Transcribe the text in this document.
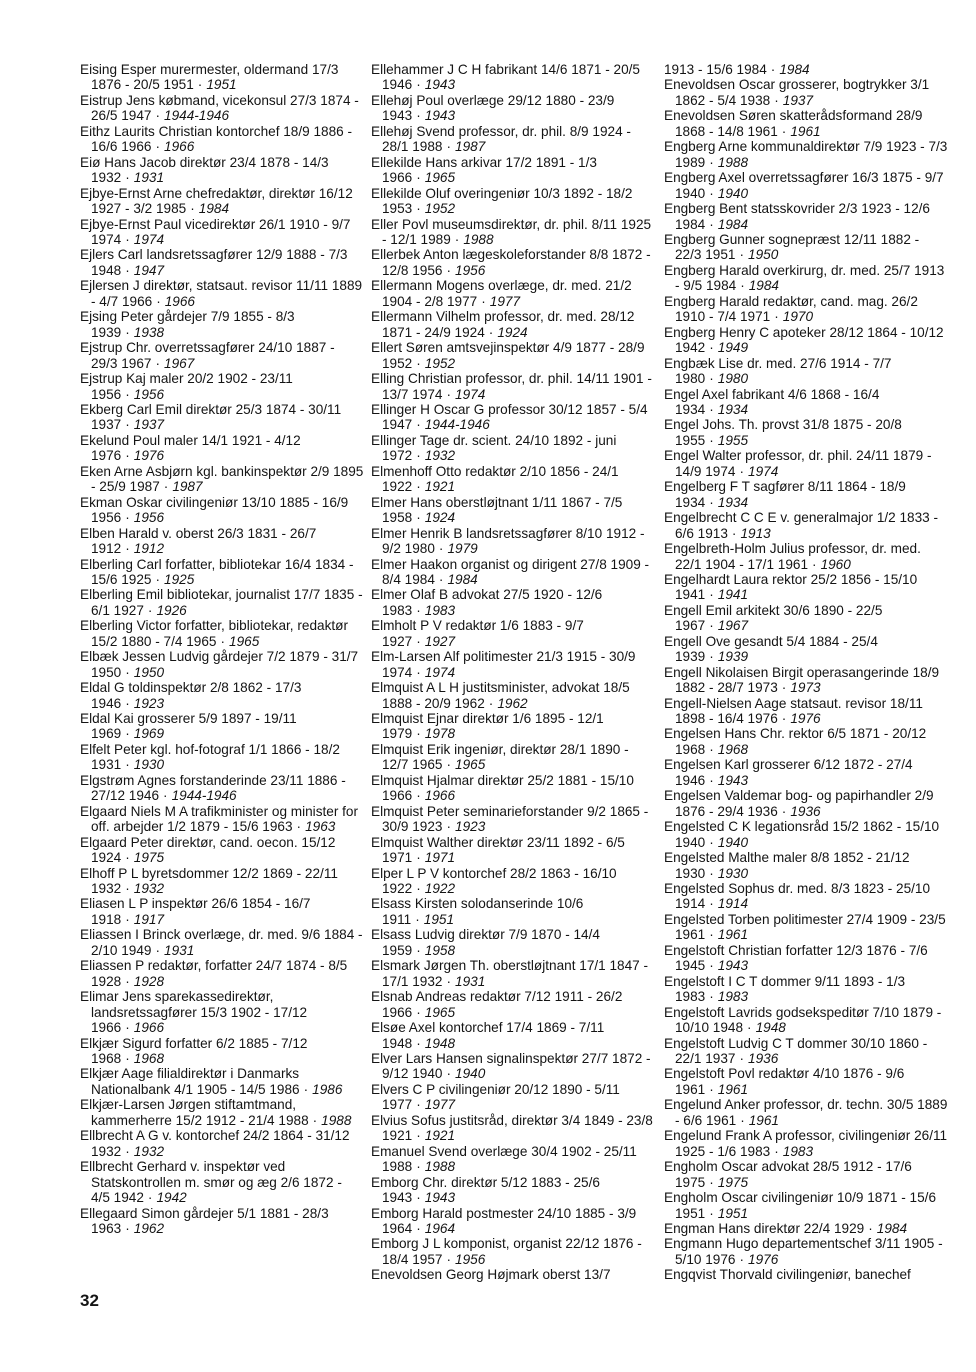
Eising Esper murermester, oldermand 17/3 1876 - 20/5 1951 · 1951

Eistrup Jens købmand, vicekonsul 27/3 1874 - 26/5 1947 · 1944-1946

Eithz Laurits Christian kontorchef 18/9 1886 - 16/6 1966 · 1966

Eiø Hans Jacob direktør 23/4 1878 - 14/3 1932 · 1931

Ejbye-Ernst Arne chefredaktør, direktør 16/12 1927 - 3/2 1985 · 1984

Ejbye-Ernst Paul vicedirektør 26/1 1910 - 9/7 1974 · 1974

Ejlers Carl landsretssagfører 12/9 1888 - 7/3 1948 · 1947

Ejlersen J direktør, statsaut. revisor 11/11 1889 - 4/7 1966 · 1966

Ejsing Peter gårdejer 7/9 1855 - 8/3 1939 · 1938

Ejstrup Chr. overretssagfører 24/10 1887 - 29/3 1967 · 1967

Ejstrup Kaj maler 20/2 1902 - 23/11 1956 · 1956

Ekberg Carl Emil direktør 25/3 1874 - 30/11 1937 · 1937

Ekelund Poul maler 14/1 1921 - 4/12 1976 · 1976

Eken Arne Asbjørn kgl. bankinspektør 2/9 1895 - 25/9 1987 · 1987

Ekman Oskar civilingeniør 13/10 1885 - 16/9 1956 · 1956

Elben Harald v. oberst 26/3 1831 - 26/7 1912 · 1912

Elberling Carl forfatter, bibliotekar 16/4 1834 - 15/6 1925 · 1925

Elberling Emil bibliotekar, journalist 17/7 1835 - 6/1 1927 · 1926

Elberling Victor forfatter, bibliotekar, redaktør 15/2 1880 - 7/4 1965 · 1965

Elbæk Jessen Ludvig gårdejer 7/2 1879 - 31/7 1950 · 1950

Eldal G toldinspektør 2/8 1862 - 17/3 1946 · 1923

Eldal Kai grosserer 5/9 1897 - 19/11 1969 · 1969

Elfelt Peter kgl. hof-fotograf 1/1 1866 - 18/2 1931 · 1930

Elgstrøm Agnes forstanderinde 23/11 1886 - 27/12 1946 · 1944-1946

Elgaard Niels M A trafikminister og minister for off. arbejder 1/2 1879 - 15/6 1963 · 1963

Elgaard Peter direktør, cand. oecon. 15/12 1924 · 1975

Elhoff P L byretsdommer 12/2 1869 - 22/11 1932 · 1932

Eliasen L P inspektør 26/6 1854 - 16/7 1918 · 1917

Eliassen I Brinck overlæge, dr. med. 9/6 1884 - 2/10 1949 · 1931

Eliassen P redaktør, forfatter 24/7 1874 - 8/5 1928 · 1928

Elimar Jens sparekassedirektør, landsretssagfører 15/3 1902 - 17/12 1966 · 1966

Elkjær Sigurd forfatter 6/2 1885 - 7/12 1968 · 1968

Elkjær Aage filialdirektør i Danmarks Nationalbank 4/1 1905 - 14/5 1986 · 1986

Elkjær-Larsen Jørgen stiftamtmand, kammerherre 15/2 1912 - 21/4 1988 · 1988

Ellbrecht A G v. kontorchef 24/2 1864 - 31/12 1932 · 1932

Ellbrecht Gerhard v. inspektør ved Statskontrollen m. smør og æg 2/6 1872 - 4/5 1942 · 1942

Ellegaard Simon gårdejer 5/1 1881 - 28/3 1963 · 1962

Ellehammer J C H fabrikant 14/6 1871 - 20/5 1946 · 1943

Ellehøj Poul overlæge 29/12 1880 - 23/9 1943 · 1943

Ellehøj Svend professor, dr. phil. 8/9 1924 - 28/1 1988 · 1987

Ellekilde Hans arkivar 17/2 1891 - 1/3 1966 · 1965

Ellekilde Oluf overingeniør 10/3 1892 - 18/2 1953 · 1952

Eller Povl museumsdirektør, dr. phil. 8/11 1925 - 12/1 1989 · 1988

Ellerbek Anton lægeskoleforstander 8/8 1872 - 12/8 1956 · 1956

Ellermann Mogens overlæge, dr. med. 21/2 1904 - 2/8 1977 · 1977

Ellermann Vilhelm professor, dr. med. 28/12 1871 - 24/9 1924 · 1924

Ellert Søren amtsvejinspektør 4/9 1877 - 28/9 1952 · 1952

Elling Christian professor, dr. phil. 14/11 1901 - 13/7 1974 · 1974

Ellinger H Oscar G professor 30/12 1857 - 5/4 1947 · 1944-1946

Ellinger Tage dr. scient. 24/10 1892 - juni 1972 · 1932

Elmenhoff Otto redaktør 2/10 1856 - 24/1 1922 · 1921

Elmer Hans oberstløjtnant 1/11 1867 - 7/5 1958 · 1924

Elmer Henrik B landsretssagfører 8/10 1912 - 9/2 1980 · 1979

Elmer Haakon organist og dirigent 27/8 1909 - 8/4 1984 · 1984

Elmer Olaf B advokat 27/5 1920 - 12/6 1983 · 1983

Elmholt P V redaktør 1/6 1883 - 9/7 1927 · 1927

Elm-Larsen Alf politimester 21/3 1915 - 30/9 1974 · 1974

Elmquist A L H justitsminister, advokat 18/5 1888 - 20/9 1962 · 1962

Elmquist Ejnar direktør 1/6 1895 - 12/1 1979 · 1978

Elmquist Erik ingeniør, direktør 28/1 1890 - 12/7 1965 · 1965

Elmquist Hjalmar direktør 25/2 1881 - 15/10 1966 · 1966

Elmquist Peter seminarieforstander 9/2 1865 - 30/9 1923 · 1923

Elmquist Walther direktør 23/11 1892 - 6/5 1971 · 1971

Elper L P V kontorchef 28/2 1863 - 16/10 1922 · 1922

Elsass Kirsten solodanserinde 10/6 1911 · 1951

Elsass Ludvig direktør 7/9 1870 - 14/4 1959 · 1958

Elsmark Jørgen Th. oberstløjtnant 17/1 1847 - 17/1 1932 · 1931

Elsnab Andreas redaktør 7/12 1911 - 26/2 1966 · 1965

Elsøe Axel kontorchef 17/4 1869 - 7/11 1948 · 1948

Elver Lars Hansen signalinspektør 27/7 1872 - 9/12 1940 · 1940

Elvers C P civilingeniør 20/12 1890 - 5/11 1977 · 1977

Elvius Sofus justitsråd, direktør 3/4 1849 - 23/8 1921 · 1921

Emanuel Svend overlæge 30/4 1902 - 25/11 1988 · 1988

Emborg Chr. direktør 5/12 1883 - 25/6 1943 · 1943

Emborg Harald postmester 24/10 1885 - 3/9 1964 · 1964

Emborg J L komponist, organist 22/12 1876 - 18/4 1957 · 1956

Enevoldsen Georg Højmark oberst 13/7

1913 - 15/6 1984 · 1984

Enevoldsen Oscar grosserer, bogtrykker 3/1 1862 - 5/4 1938 · 1937

Enevoldsen Søren skatterådsformand 28/9 1868 - 14/8 1961 · 1961

Engberg Arne kommunaldirektør 7/9 1923 - 7/3 1989 · 1988

Engberg Axel overretssagfører 16/3 1875 - 9/7 1940 · 1940

Engberg Bent statsskovrider 2/3 1923 - 12/6 1984 · 1984

Engberg Gunner sognepræst 12/11 1882 - 22/3 1951 · 1950

Engberg Harald overkirurg, dr. med. 25/7 1913 - 9/5 1984 · 1984

Engberg Harald redaktør, cand. mag. 26/2 1910 - 7/4 1971 · 1970

Engberg Henry C apoteker 28/12 1864 - 10/12 1942 · 1949

Engbæk Lise dr. med. 27/6 1914 - 7/7 1980 · 1980

Engel Axel fabrikant 4/6 1868 - 16/4 1934 · 1934

Engel Johs. Th. provst 31/8 1875 - 20/8 1955 · 1955

Engel Walter professor, dr. phil. 24/11 1879 - 14/9 1974 · 1974

Engelberg F T sagfører 8/11 1864 - 18/9 1934 · 1934

Engelbrecht C C E v. generalmajor 1/2 1833 - 6/6 1913 · 1913

Engelbreth-Holm Julius professor, dr. med. 22/1 1904 - 17/1 1961 · 1960

Engelhardt Laura rektor 25/2 1856 - 15/10 1941 · 1941

Engell Emil arkitekt 30/6 1890 - 22/5 1967 · 1967

Engell Ove gesandt 5/4 1884 - 25/4 1939 · 1939

Engell Nikolaisen Birgit operasangerinde 18/9 1882 - 28/7 1973 · 1973

Engell-Nielsen Aage statsaut. revisor 18/11 1898 - 16/4 1976 · 1976

Engelsen Hans Chr. rektor 6/5 1871 - 20/12 1968 · 1968

Engelsen Karl grosserer 6/12 1872 - 27/4 1946 · 1943

Engelsen Valdemar bog- og papirhandler 2/9 1876 - 29/4 1936 · 1936

Engelsted C K legationsråd 15/2 1862 - 15/10 1940 · 1940

Engelsted Malthe maler 8/8 1852 - 21/12 1930 · 1930

Engelsted Sophus dr. med. 8/3 1823 - 25/10 1914 · 1914

Engelsted Torben politimester 27/4 1909 - 23/5 1961 · 1961

Engelstoft Christian forfatter 12/3 1876 - 7/6 1945 · 1943

Engelstoft I C T dommer 9/11 1893 - 1/3 1983 · 1983

Engelstoft Lavrids godsekspeditør 7/10 1879 - 10/10 1948 · 1948

Engelstoft Ludvig C T dommer 30/10 1860 - 22/1 1937 · 1936

Engelstoft Povl redaktør 4/10 1876 - 9/6 1961 · 1961

Engelund Anker professor, dr. techn. 30/5 1889 - 6/6 1961 · 1961

Engelund Frank A professor, civilingeniør 26/11 1925 - 1/6 1983 · 1983

Engholm Oscar advokat 28/5 1912 - 17/6 1975 · 1975

Engholm Oscar civilingeniør 10/9 1871 - 15/6 1951 · 1951

Engman Hans direktør 22/4 1929 · 1984

Engmann Hugo departementschef 3/11 1905 - 5/10 1976 · 1976

Engqvist Thorvald civilingeniør, banechef

32
